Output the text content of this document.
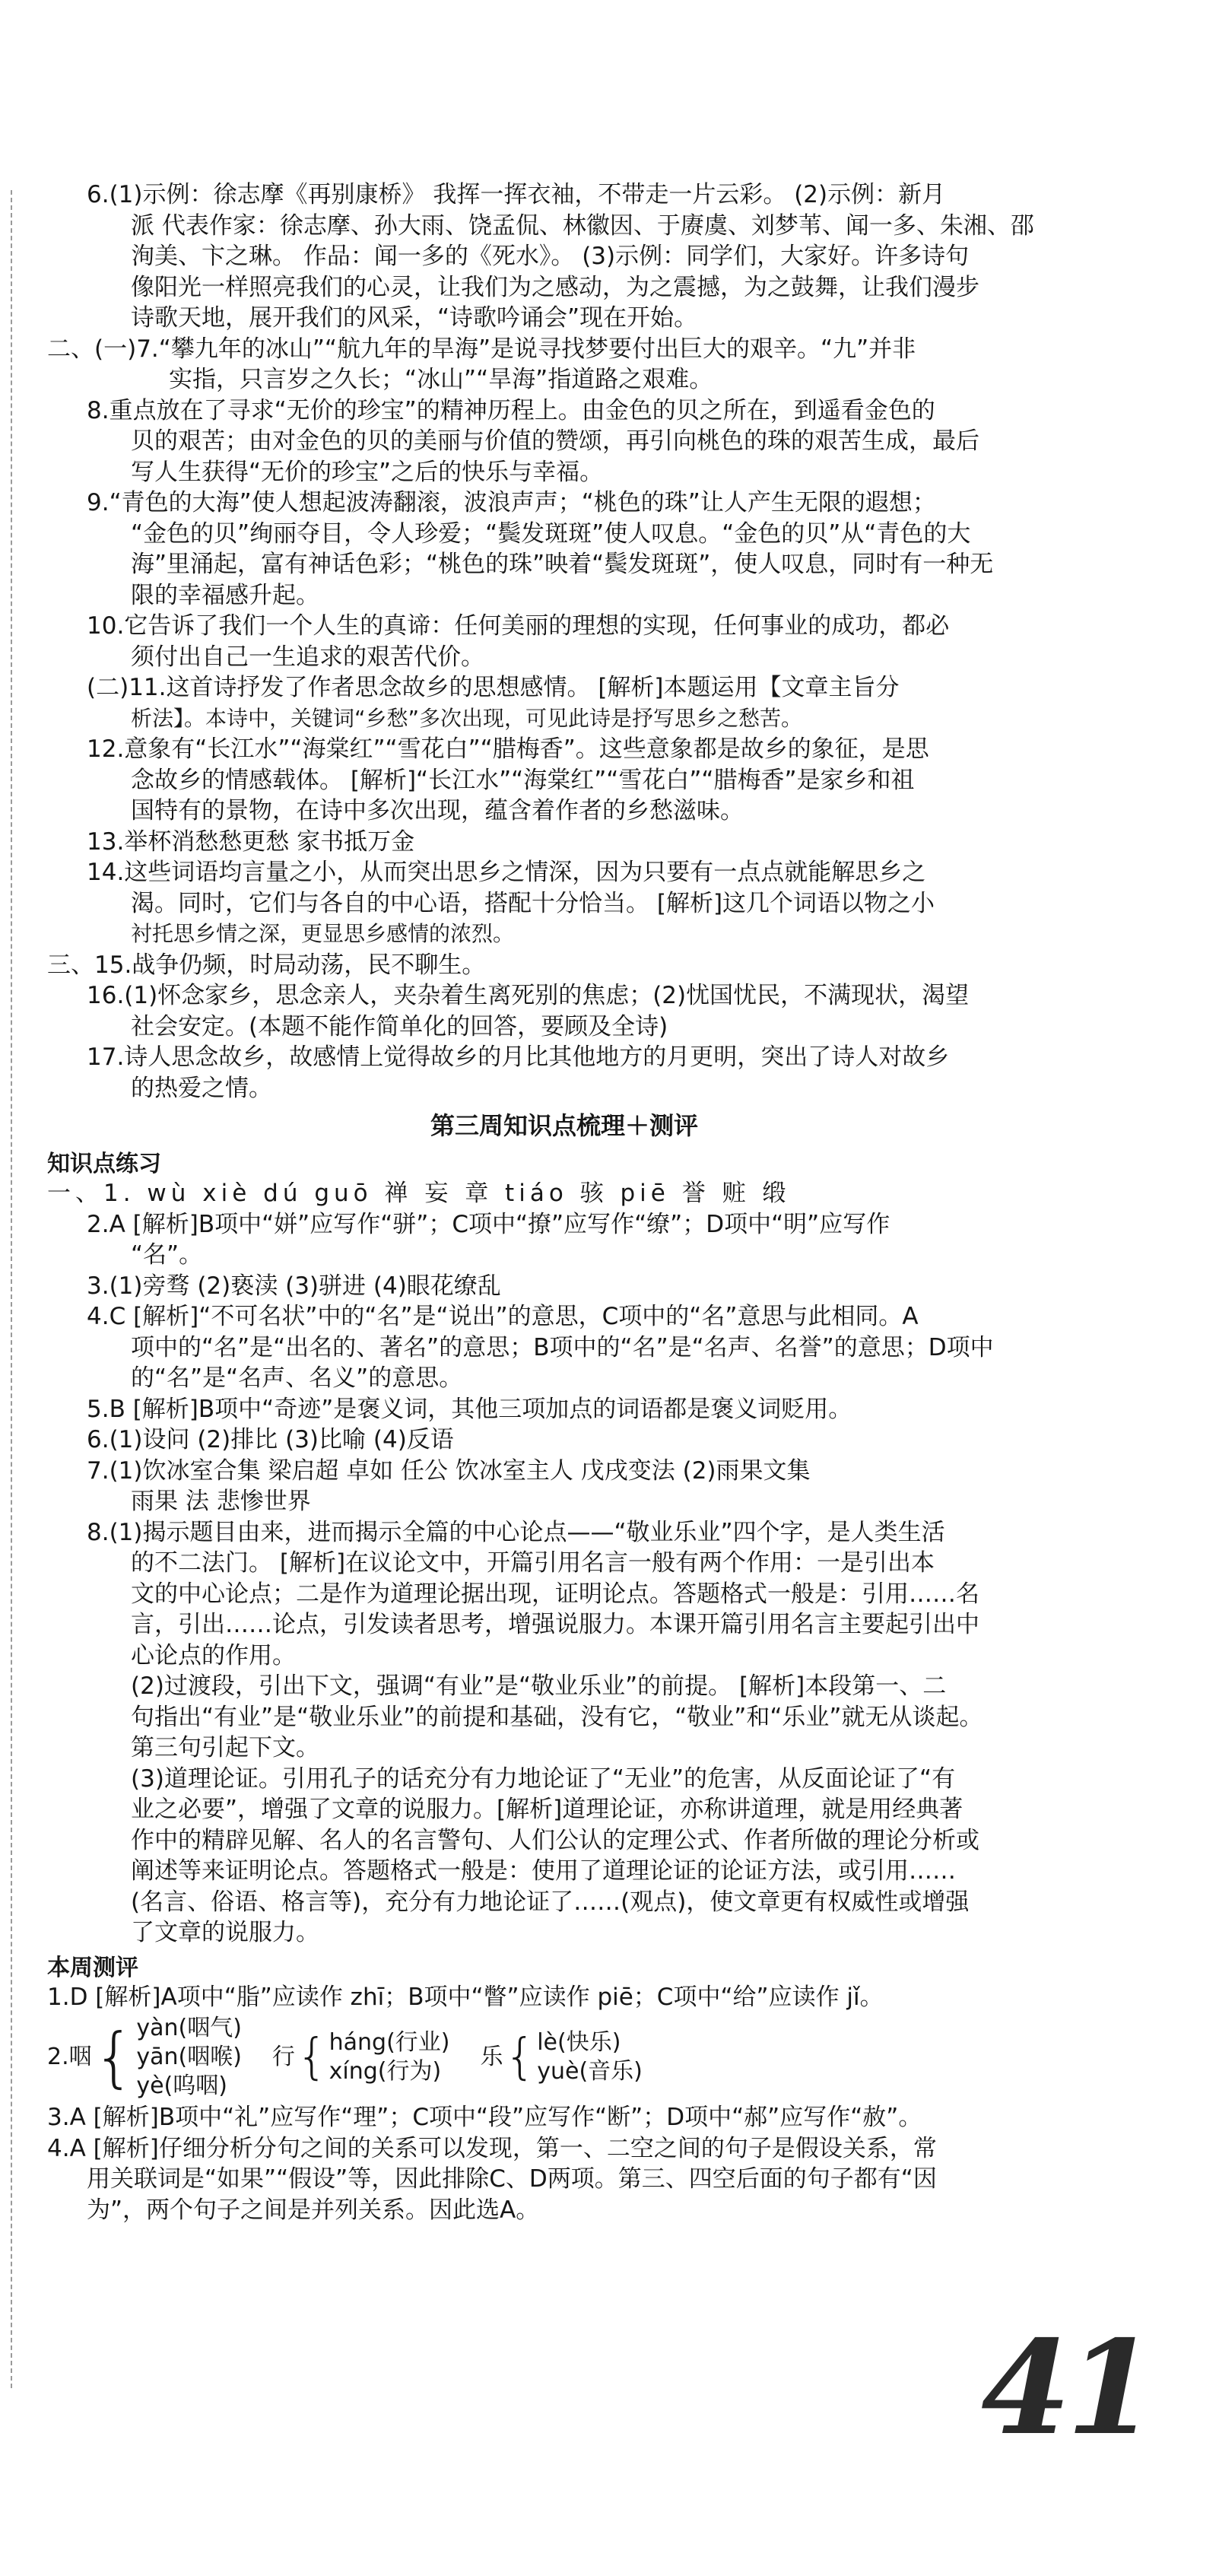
6.(1)示例：徐志摩《再别康桥》 我挥一挥衣袖，不带走一片云彩。 (2)示例：新月
派 代表作家：徐志摩、孙大雨、饶孟侃、林徽因、于赓虞、刘梦苇、闻一多、朱湘、邵
洵美、卞之琳。 作品：闻一多的《死水》。 (3)示例：同学们，大家好。许多诗句
像阳光一样照亮我们的心灵，让我们为之感动，为之震撼，为之鼓舞，让我们漫步
诗歌天地，展开我们的风采，“诗歌吟诵会”现在开始。
二、(一)7.“攀九年的冰山”“航九年的旱海”是说寻找梦要付出巨大的艰辛。“九”并非
实指，只言岁之久长；“冰山”“旱海”指道路之艰难。
8.重点放在了寻求“无价的珍宝”的精神历程上。由金色的贝之所在，到遥看金色的
贝的艰苦；由对金色的贝的美丽与价值的赞颂，再引向桃色的珠的艰苦生成，最后
写人生获得“无价的珍宝”之后的快乐与幸福。
9.“青色的大海”使人想起波涛翻滚，波浪声声；“桃色的珠”让人产生无限的遐想；
“金色的贝”绚丽夺目，令人珍爱；“鬓发斑斑”使人叹息。“金色的贝”从“青色的大
海”里涌起，富有神话色彩；“桃色的珠”映着“鬓发斑斑”，使人叹息，同时有一种无
限的幸福感升起。
10.它告诉了我们一个人生的真谛：任何美丽的理想的实现，任何事业的成功，都必
须付出自己一生追求的艰苦代价。
(二)11.这首诗抒发了作者思念故乡的思想感情。 [解析]本题运用【文章主旨分
析法】。本诗中，关键词“乡愁”多次出现，可见此诗是抒写思乡之愁苦。
12.意象有“长江水”“海棠红”“雪花白”“腊梅香”。这些意象都是故乡的象征，是思
念故乡的情感载体。 [解析]“长江水”“海棠红”“雪花白”“腊梅香”是家乡和祖
国特有的景物，在诗中多次出现，蕴含着作者的乡愁滋味。
13.举杯消愁愁更愁 家书抵万金
14.这些词语均言量之小，从而突出思乡之情深，因为只要有一点点就能解思乡之
渴。同时，它们与各自的中心语，搭配十分恰当。 [解析]这几个词语以物之小
衬托思乡情之深，更显思乡感情的浓烈。
三、15.战争仍频，时局动荡，民不聊生。
16.(1)怀念家乡，思念亲人，夹杂着生离死别的焦虑；(2)忧国忧民，不满现状，渴望
社会安定。(本题不能作简单化的回答，要顾及全诗)
17.诗人思念故乡，故感情上觉得故乡的月比其他地方的月更明，突出了诗人对故乡
的热爱之情。
第三周知识点梳理＋测评
知识点练习
一、1. wù xiè dú guō 禅 妄 章 tiáo 骇 piē 誉 赃 缎
2.A [解析]B项中“姘”应写作“骈”；C项中“撩”应写作“缭”；D项中“明”应写作
“名”。
3.(1)旁骛 (2)亵渎 (3)骈进 (4)眼花缭乱
4.C [解析]“不可名状”中的“名”是“说出”的意思，C项中的“名”意思与此相同。A
项中的“名”是“出名的、著名”的意思；B项中的“名”是“名声、名誉”的意思；D项中
的“名”是“名声、名义”的意思。
5.B [解析]B项中“奇迹”是褒义词，其他三项加点的词语都是褒义词贬用。
6.(1)设问 (2)排比 (3)比喻 (4)反语
7.(1)饮冰室合集 梁启超 卓如 任公 饮冰室主人 戊戌变法 (2)雨果文集
雨果 法 悲惨世界
8.(1)揭示题目由来，进而揭示全篇的中心论点——“敬业乐业”四个字，是人类生活
的不二法门。 [解析]在议论文中，开篇引用名言一般有两个作用：一是引出本
文的中心论点；二是作为道理论据出现，证明论点。答题格式一般是：引用……名
言，引出……论点，引发读者思考，增强说服力。本课开篇引用名言主要起引出中
心论点的作用。
(2)过渡段，引出下文，强调“有业”是“敬业乐业”的前提。 [解析]本段第一、二
句指出“有业”是“敬业乐业”的前提和基础，没有它，“敬业”和“乐业”就无从谈起。
第三句引起下文。
(3)道理论证。引用孔子的话充分有力地论证了“无业”的危害，从反面论证了“有
业之必要”，增强了文章的说服力。[解析]道理论证，亦称讲道理，就是用经典著
作中的精辟见解、名人的名言警句、人们公认的定理公式、作者所做的理论分析或
阐述等来证明论点。答题格式一般是：使用了道理论证的论证方法，或引用……
(名言、俗语、格言等)，充分有力地论证了……(观点)，使文章更有权威性或增强
了文章的说服力。
本周测评
1.D [解析]A项中“脂”应读作 zhī；B项中“瞥”应读作 piē；C项中“给”应读作 jǐ。
2.咽 { yàn(咽气)
yān(咽喉)
yè(呜咽)
行 { háng(行业)
xíng(行为)
乐 { lè(快乐)
yuè(音乐)
3.A [解析]B项中“礼”应写作“理”；C项中“段”应写作“断”；D项中“郝”应写作“赦”。
4.A [解析]仔细分析分句之间的关系可以发现，第一、二空之间的句子是假设关系，常
用关联词是“如果”“假设”等，因此排除C、D两项。第三、四空后面的句子都有“因
为”，两个句子之间是并列关系。因此选A。
41
